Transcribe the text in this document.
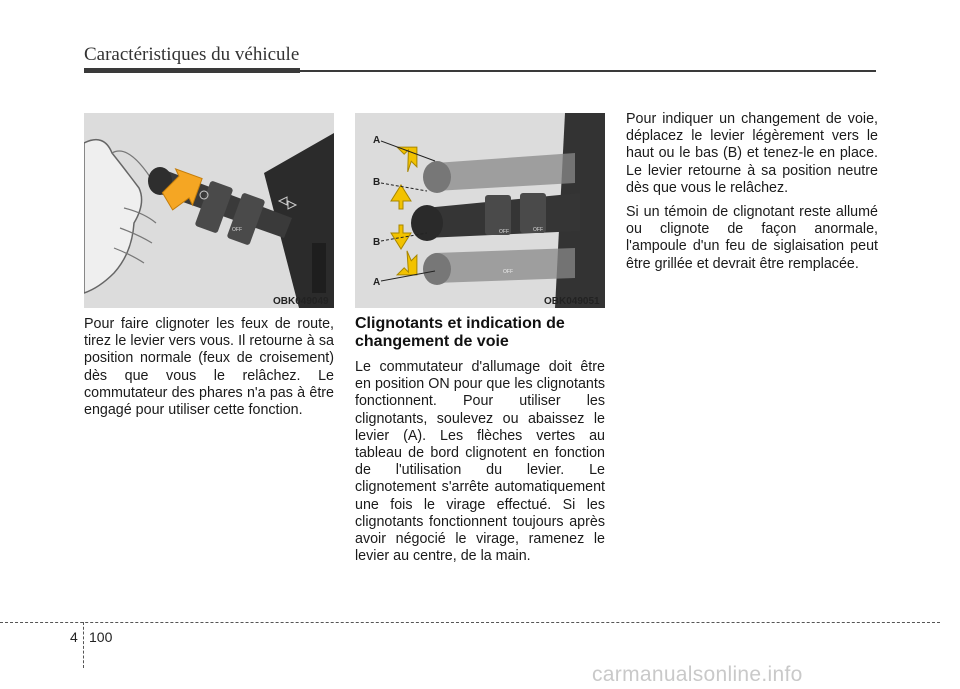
Caractéristiques du véhicule
OFF
OFF
OBK049049
OFF	OFF
OFF
A
B
B
A
OBK049051
Pour faire clignoter les feux de route, tirez le levier vers vous. Il retourne à sa position normale (feux de croisement) dès que vous le relâchez. Le commutateur des phares n'a pas à être engagé pour utiliser cette fonction.
Clignotants et indication de changement de voie
Le commutateur d'allumage doit être en position ON pour que les clignotants fonctionnent. Pour utiliser les clignotants, soulevez ou abaissez le levier (A). Les flèches vertes au tableau de bord clignotent en fonction de l'utilisation du levier. Le clignotement s'arrête automatiquement une fois le virage effectué. Si les clignotants fonctionnent toujours après avoir négocié le virage, ramenez le levier au centre, de la main.

Pour indiquer un changement de voie, déplacez le levier légèrement vers le haut ou le bas (B) et tenez-le en place. Le levier retourne à sa position neutre dès que vous le relâchez.

Si un témoin de clignotant reste allumé ou clignote de façon anormale, l'ampoule d'un feu de siglaisation peut être grillée et devrait être remplacée.

4 100
carmanualsonline.info
